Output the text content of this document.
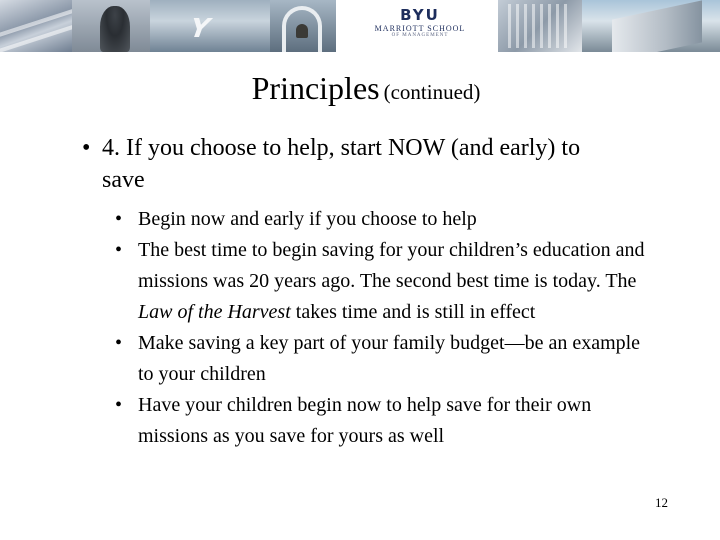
Y	BYU
MARRIOTT SCHOOL
OF MANAGEMENT
Principles (continued)
• 4. If you choose to help, start NOW (and early) to save
• Begin now and early if you choose to help
• The best time to begin saving for your children’s education and missions was 20 years ago. The second best time is today. The Law of the Harvest takes time and is still in effect
• Make saving a key part of your family budget—be an example to your children
• Have your children begin now to help save for their own missions as you save for yours as well
12
